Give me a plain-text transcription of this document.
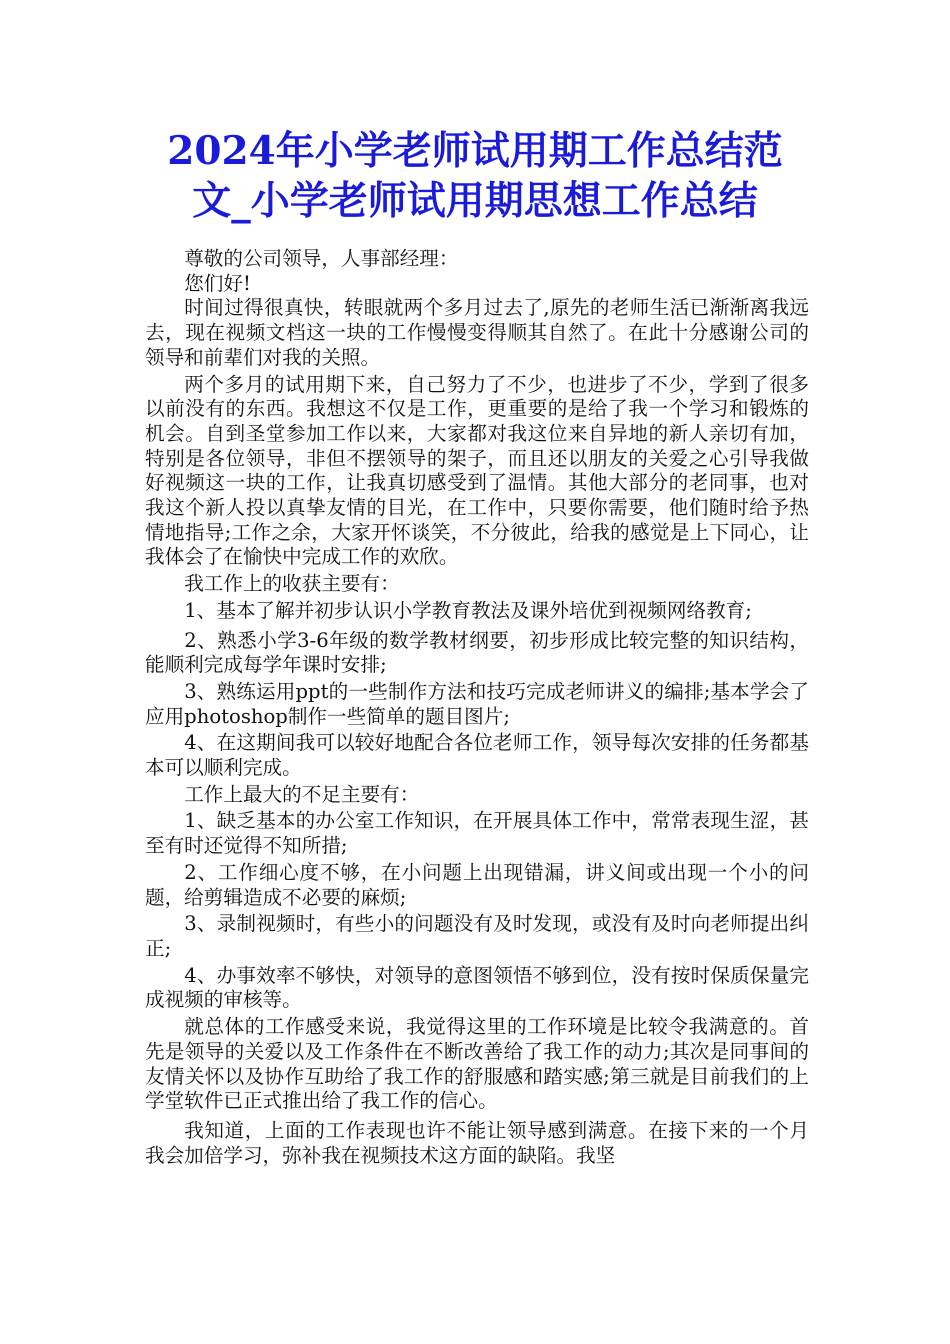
2024年小学老师试用期工作总结范
文_小学老师试用期思想工作总结

尊敬的公司领导，人事部经理：

您们好!

时间过得很真快，转眼就两个多月过去了,原先的老师生活已渐渐离我远去，现在视频文档这一块的工作慢慢变得顺其自然了。在此十分感谢公司的领导和前辈们对我的关照。

两个多月的试用期下来，自己努力了不少，也进步了不少，学到了很多以前没有的东西。我想这不仅是工作，更重要的是给了我一个学习和锻炼的机会。自到圣堂参加工作以来，大家都对我这位来自异地的新人亲切有加，特别是各位领导，非但不摆领导的架子，而且还以朋友的关爱之心引导我做好视频这一块的工作，让我真切感受到了温情。其他大部分的老同事，也对我这个新人投以真挚友情的目光，在工作中，只要你需要，他们随时给予热情地指导;工作之余，大家开怀谈笑，不分彼此，给我的感觉是上下同心，让我体会了在愉快中完成工作的欢欣。

我工作上的收获主要有：

1、基本了解并初步认识小学教育教法及课外培优到视频网络教育;

2、熟悉小学3-6年级的数学教材纲要，初步形成比较完整的知识结构，能顺利完成每学年课时安排;

3、熟练运用ppt的一些制作方法和技巧完成老师讲义的编排;基本学会了应用photoshop制作一些简单的题目图片;

4、在这期间我可以较好地配合各位老师工作，领导每次安排的任务都基本可以顺利完成。

工作上最大的不足主要有：

1、缺乏基本的办公室工作知识，在开展具体工作中，常常表现生涩，甚至有时还觉得不知所措;

2、工作细心度不够，在小问题上出现错漏，讲义间或出现一个小的问题，给剪辑造成不必要的麻烦;

3、录制视频时，有些小的问题没有及时发现，或没有及时向老师提出纠正;

4、办事效率不够快，对领导的意图领悟不够到位，没有按时保质保量完成视频的审核等。

就总体的工作感受来说，我觉得这里的工作环境是比较令我满意的。首先是领导的关爱以及工作条件在不断改善给了我工作的动力;其次是同事间的友情关怀以及协作互助给了我工作的舒服感和踏实感;第三就是目前我们的上学堂软件已正式推出给了我工作的信心。

我知道，上面的工作表现也许不能让领导感到满意。在接下来的一个月我会加倍学习，弥补我在视频技术这方面的缺陷。我坚
